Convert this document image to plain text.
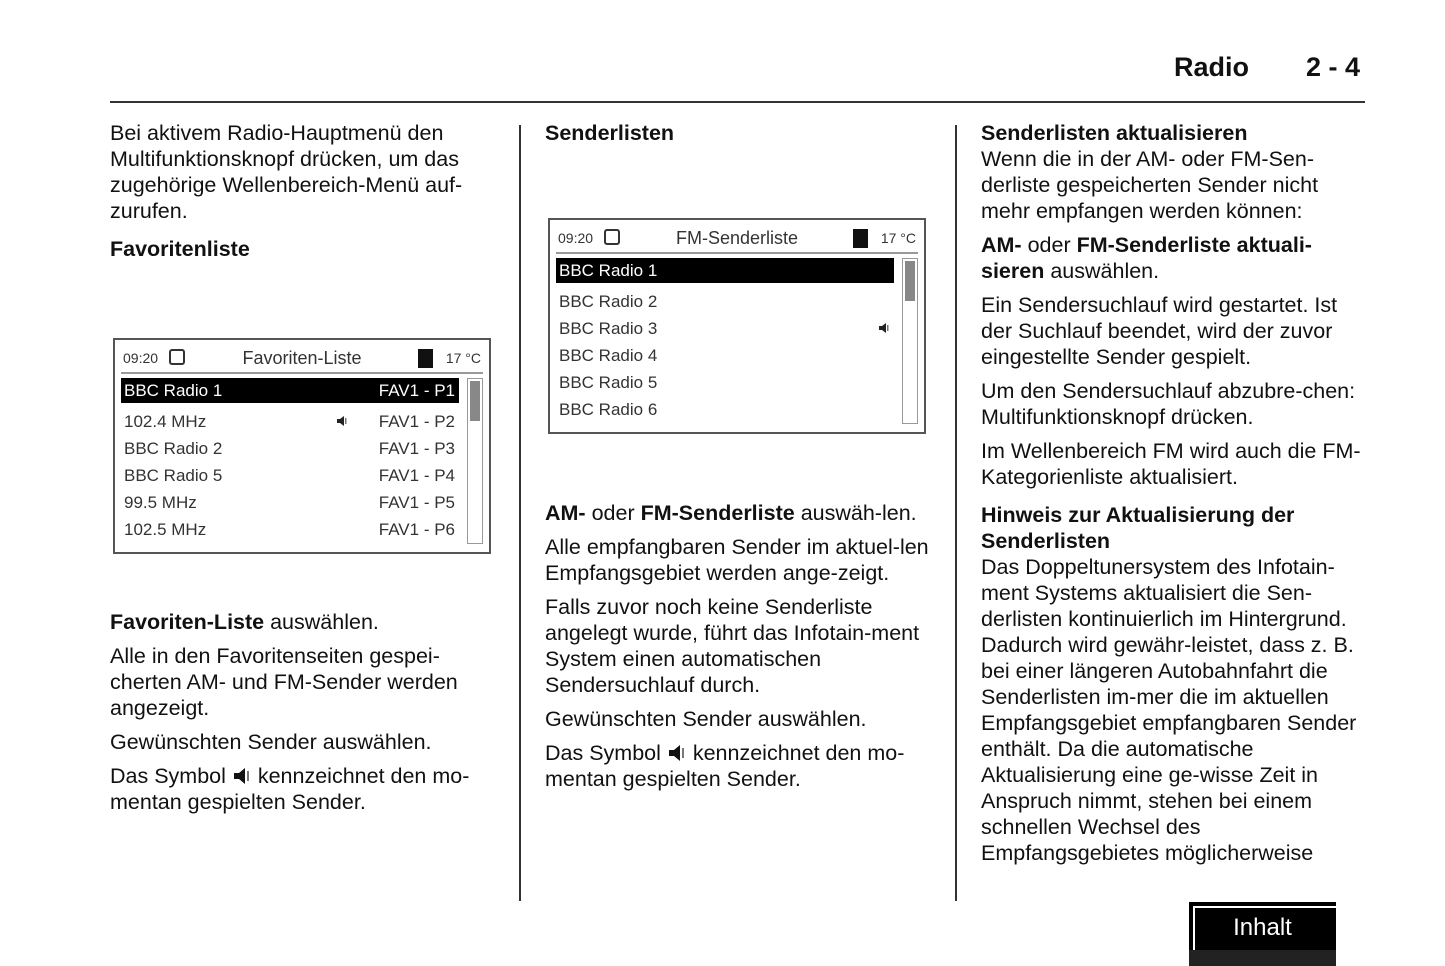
Radio 2 - 4

Bei aktivem Radio-Hauptmenü den Multifunktionsknopf drücken, um das zugehörige Wellenbereich-Menü auf-zurufen.

Favoritenliste

Favoriten-Liste auswählen.

Alle in den Favoritenseiten gespei-cherten AM- und FM-Sender werden angezeigt.

Gewünschten Sender auswählen.

Das Symbol  kennzeichnet den mo-mentan gespielten Sender.

09:20	Favoriten-Liste	17 °C
BBC Radio 1	FAV1 - P1
102.4 MHz	FAV1 - P2
BBC Radio 2	FAV1 - P3
BBC Radio 5	FAV1 - P4
99.5 MHz	FAV1 - P5
102.5 MHz	FAV1 - P6
Senderlisten

AM- oder FM-Senderliste auswäh-len.

Alle empfangbaren Sender im aktuel-len Empfangsgebiet werden ange-zeigt.

Falls zuvor noch keine Senderliste angelegt wurde, führt das Infotain-ment System einen automatischen Sendersuchlauf durch.

Gewünschten Sender auswählen.

Das Symbol  kennzeichnet den mo-mentan gespielten Sender.

09:20	FM-Senderliste	17 °C
BBC Radio 1
BBC Radio 2
BBC Radio 3
BBC Radio 4
BBC Radio 5
BBC Radio 6
Senderlisten aktualisieren

Wenn die in der AM- oder FM-Sen-derliste gespeicherten Sender nicht mehr empfangen werden können:

AM- oder FM-Senderliste aktuali-sieren auswählen.

Ein Sendersuchlauf wird gestartet. Ist der Suchlauf beendet, wird der zuvor eingestellte Sender gespielt.

Um den Sendersuchlauf abzubre-chen: Multifunktionsknopf drücken.

Im Wellenbereich FM wird auch die FM-Kategorienliste aktualisiert.

Hinweis zur Aktualisierung der Senderlisten

Das Doppeltunersystem des Infotain-ment Systems aktualisiert die Sen-derlisten kontinuierlich im Hintergrund. Dadurch wird gewähr-leistet, dass z. B. bei einer längeren Autobahnfahrt die Senderlisten im-mer die im aktuellen Empfangsgebiet empfangbaren Sender enthält. Da die automatische Aktualisierung eine ge-wisse Zeit in Anspruch nimmt, stehen bei einem schnellen Wechsel des Empfangsgebietes möglicherweise

Inhalt
